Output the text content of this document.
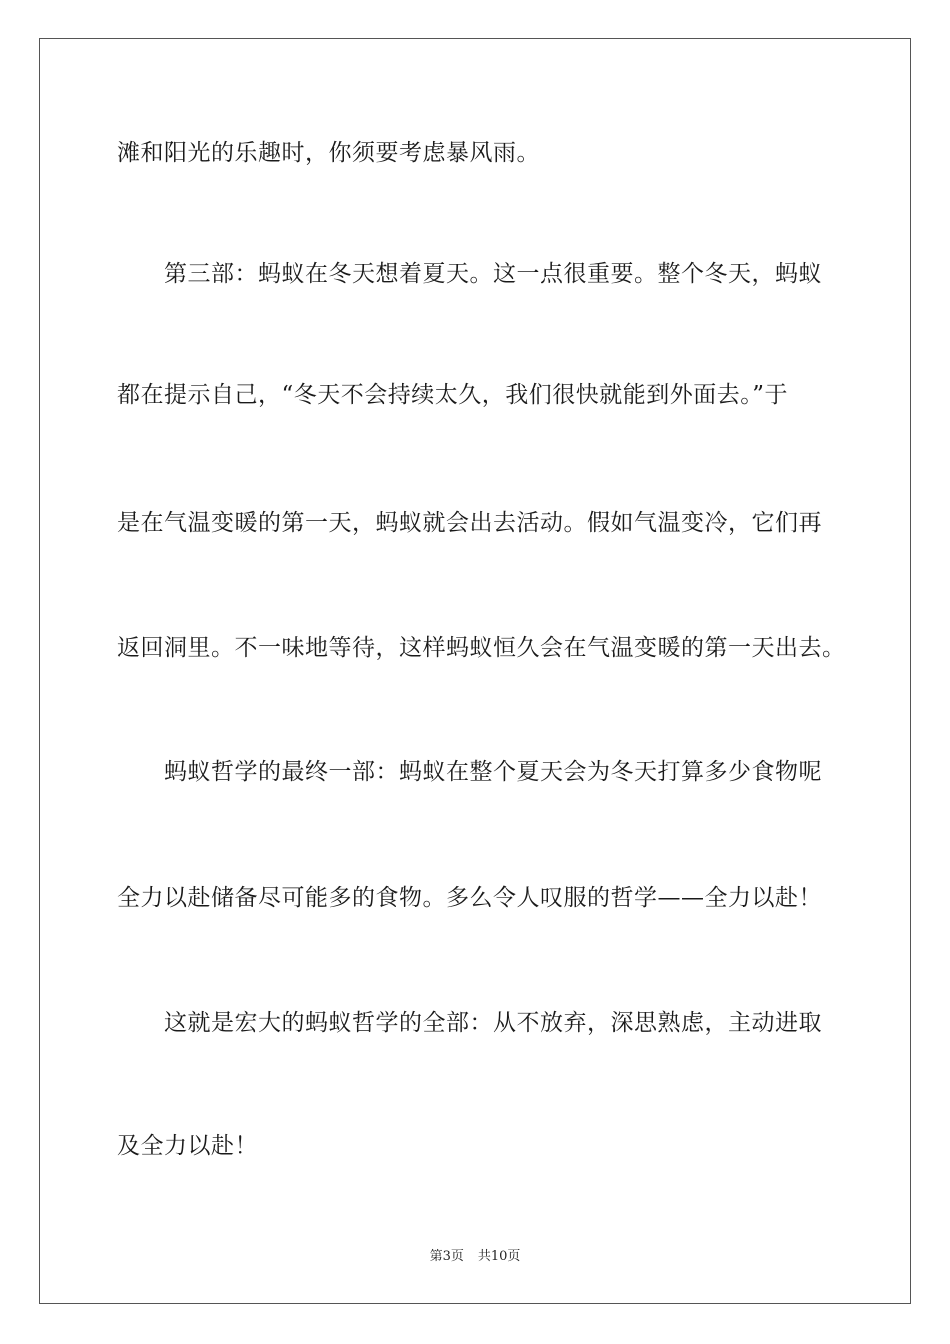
滩和阳光的乐趣时，你须要考虑暴风雨。
　　第三部：蚂蚁在冬天想着夏天。这一点很重要。整个冬天，蚂蚁
都在提示自己，“冬天不会持续太久，我们很快就能到外面去。”于
是在气温变暖的第一天，蚂蚁就会出去活动。假如气温变冷，它们再
返回洞里。不一味地等待，这样蚂蚁恒久会在气温变暖的第一天出去。
　　蚂蚁哲学的最终一部：蚂蚁在整个夏天会为冬天打算多少食物呢
全力以赴储备尽可能多的食物。多么令人叹服的哲学——全力以赴！
　　这就是宏大的蚂蚁哲学的全部：从不放弃，深思熟虑，主动进取
及全力以赴！
第3页 共10页
